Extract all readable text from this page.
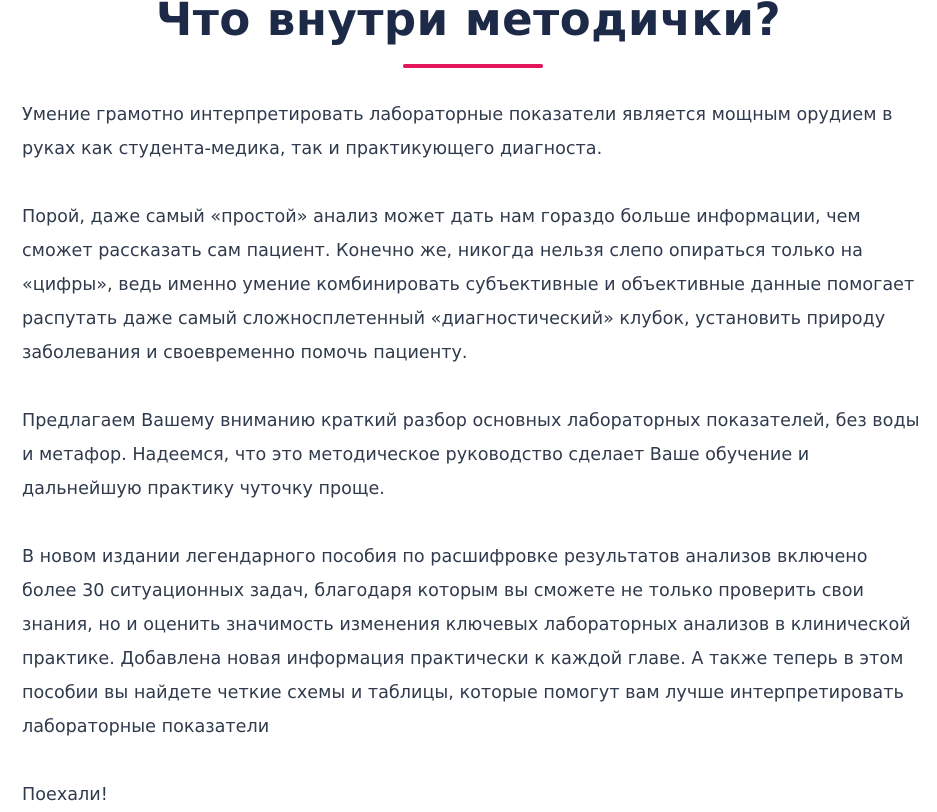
Что внутри методички?

Умение грамотно интерпретировать лабораторные показатели является мощным орудием в руках как студента-медика, так и практикующего диагноста.

Порой, даже самый «простой» анализ может дать нам гораздо больше информации, чем сможет рассказать сам пациент. Конечно же, никогда нельзя слепо опираться только на «цифры», ведь именно умение комбинировать субъективные и объективные данные помогает распутать даже самый сложносплетенный «диагностический» клубок, установить природу заболевания и своевременно помочь пациенту.

Предлагаем Вашему вниманию краткий разбор основных лабораторных показателей, без воды и метафор. Надеемся, что это методическое руководство сделает Ваше обучение и дальнейшую практику чуточку проще.

В новом издании легендарного пособия по расшифровке результатов анализов включено более 30 ситуационных задач, благодаря которым вы сможете не только проверить свои знания, но и оценить значимость изменения ключевых лабораторных анализов в клинической практике. Добавлена новая информация практически к каждой главе. А также теперь в этом пособии вы найдете четкие схемы и таблицы, которые помогут вам лучше интерпретировать лабораторные показатели

Поехали!
